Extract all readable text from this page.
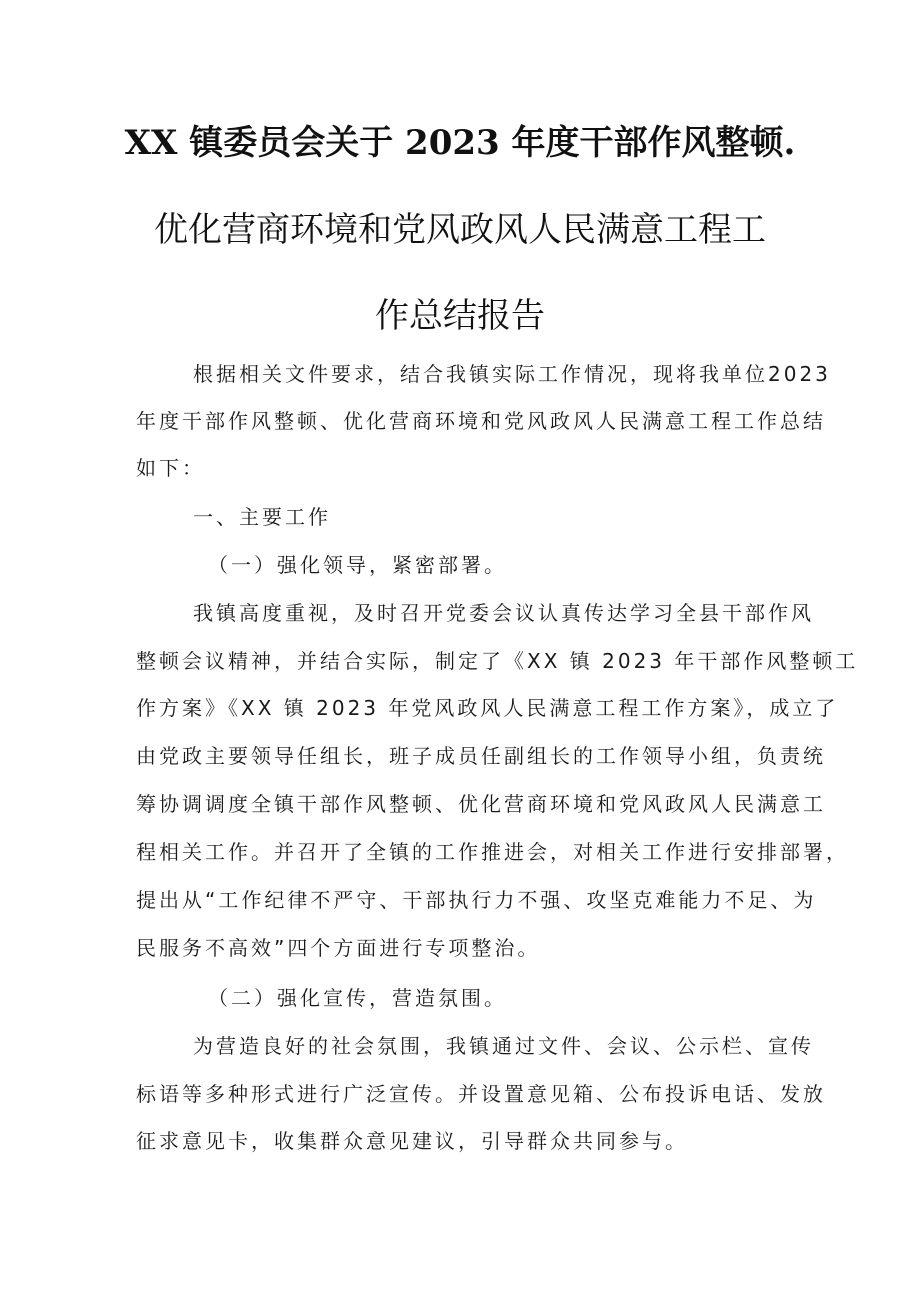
XX 镇委员会关于 2023 年度干部作风整顿.
优化营商环境和党风政风人民满意工程工
作总结报告
根据相关文件要求，结合我镇实际工作情况，现将我单位2023
年度干部作风整顿、优化营商环境和党风政风人民满意工程工作总结
如下：
一、主要工作
（一）强化领导，紧密部署。
我镇高度重视，及时召开党委会议认真传达学习全县干部作风
整顿会议精神，并结合实际，制定了《XX 镇 2023 年干部作风整顿工
作方案》《XX 镇 2023 年党风政风人民满意工程工作方案》，成立了
由党政主要领导任组长，班子成员任副组长的工作领导小组，负责统
筹协调调度全镇干部作风整顿、优化营商环境和党风政风人民满意工
程相关工作。并召开了全镇的工作推进会，对相关工作进行安排部署，
提出从“工作纪律不严守、干部执行力不强、攻坚克难能力不足、为
民服务不高效”四个方面进行专项整治。
（二）强化宣传，营造氛围。
为营造良好的社会氛围，我镇通过文件、会议、公示栏、宣传
标语等多种形式进行广泛宣传。并设置意见箱、公布投诉电话、发放
征求意见卡，收集群众意见建议，引导群众共同参与。
